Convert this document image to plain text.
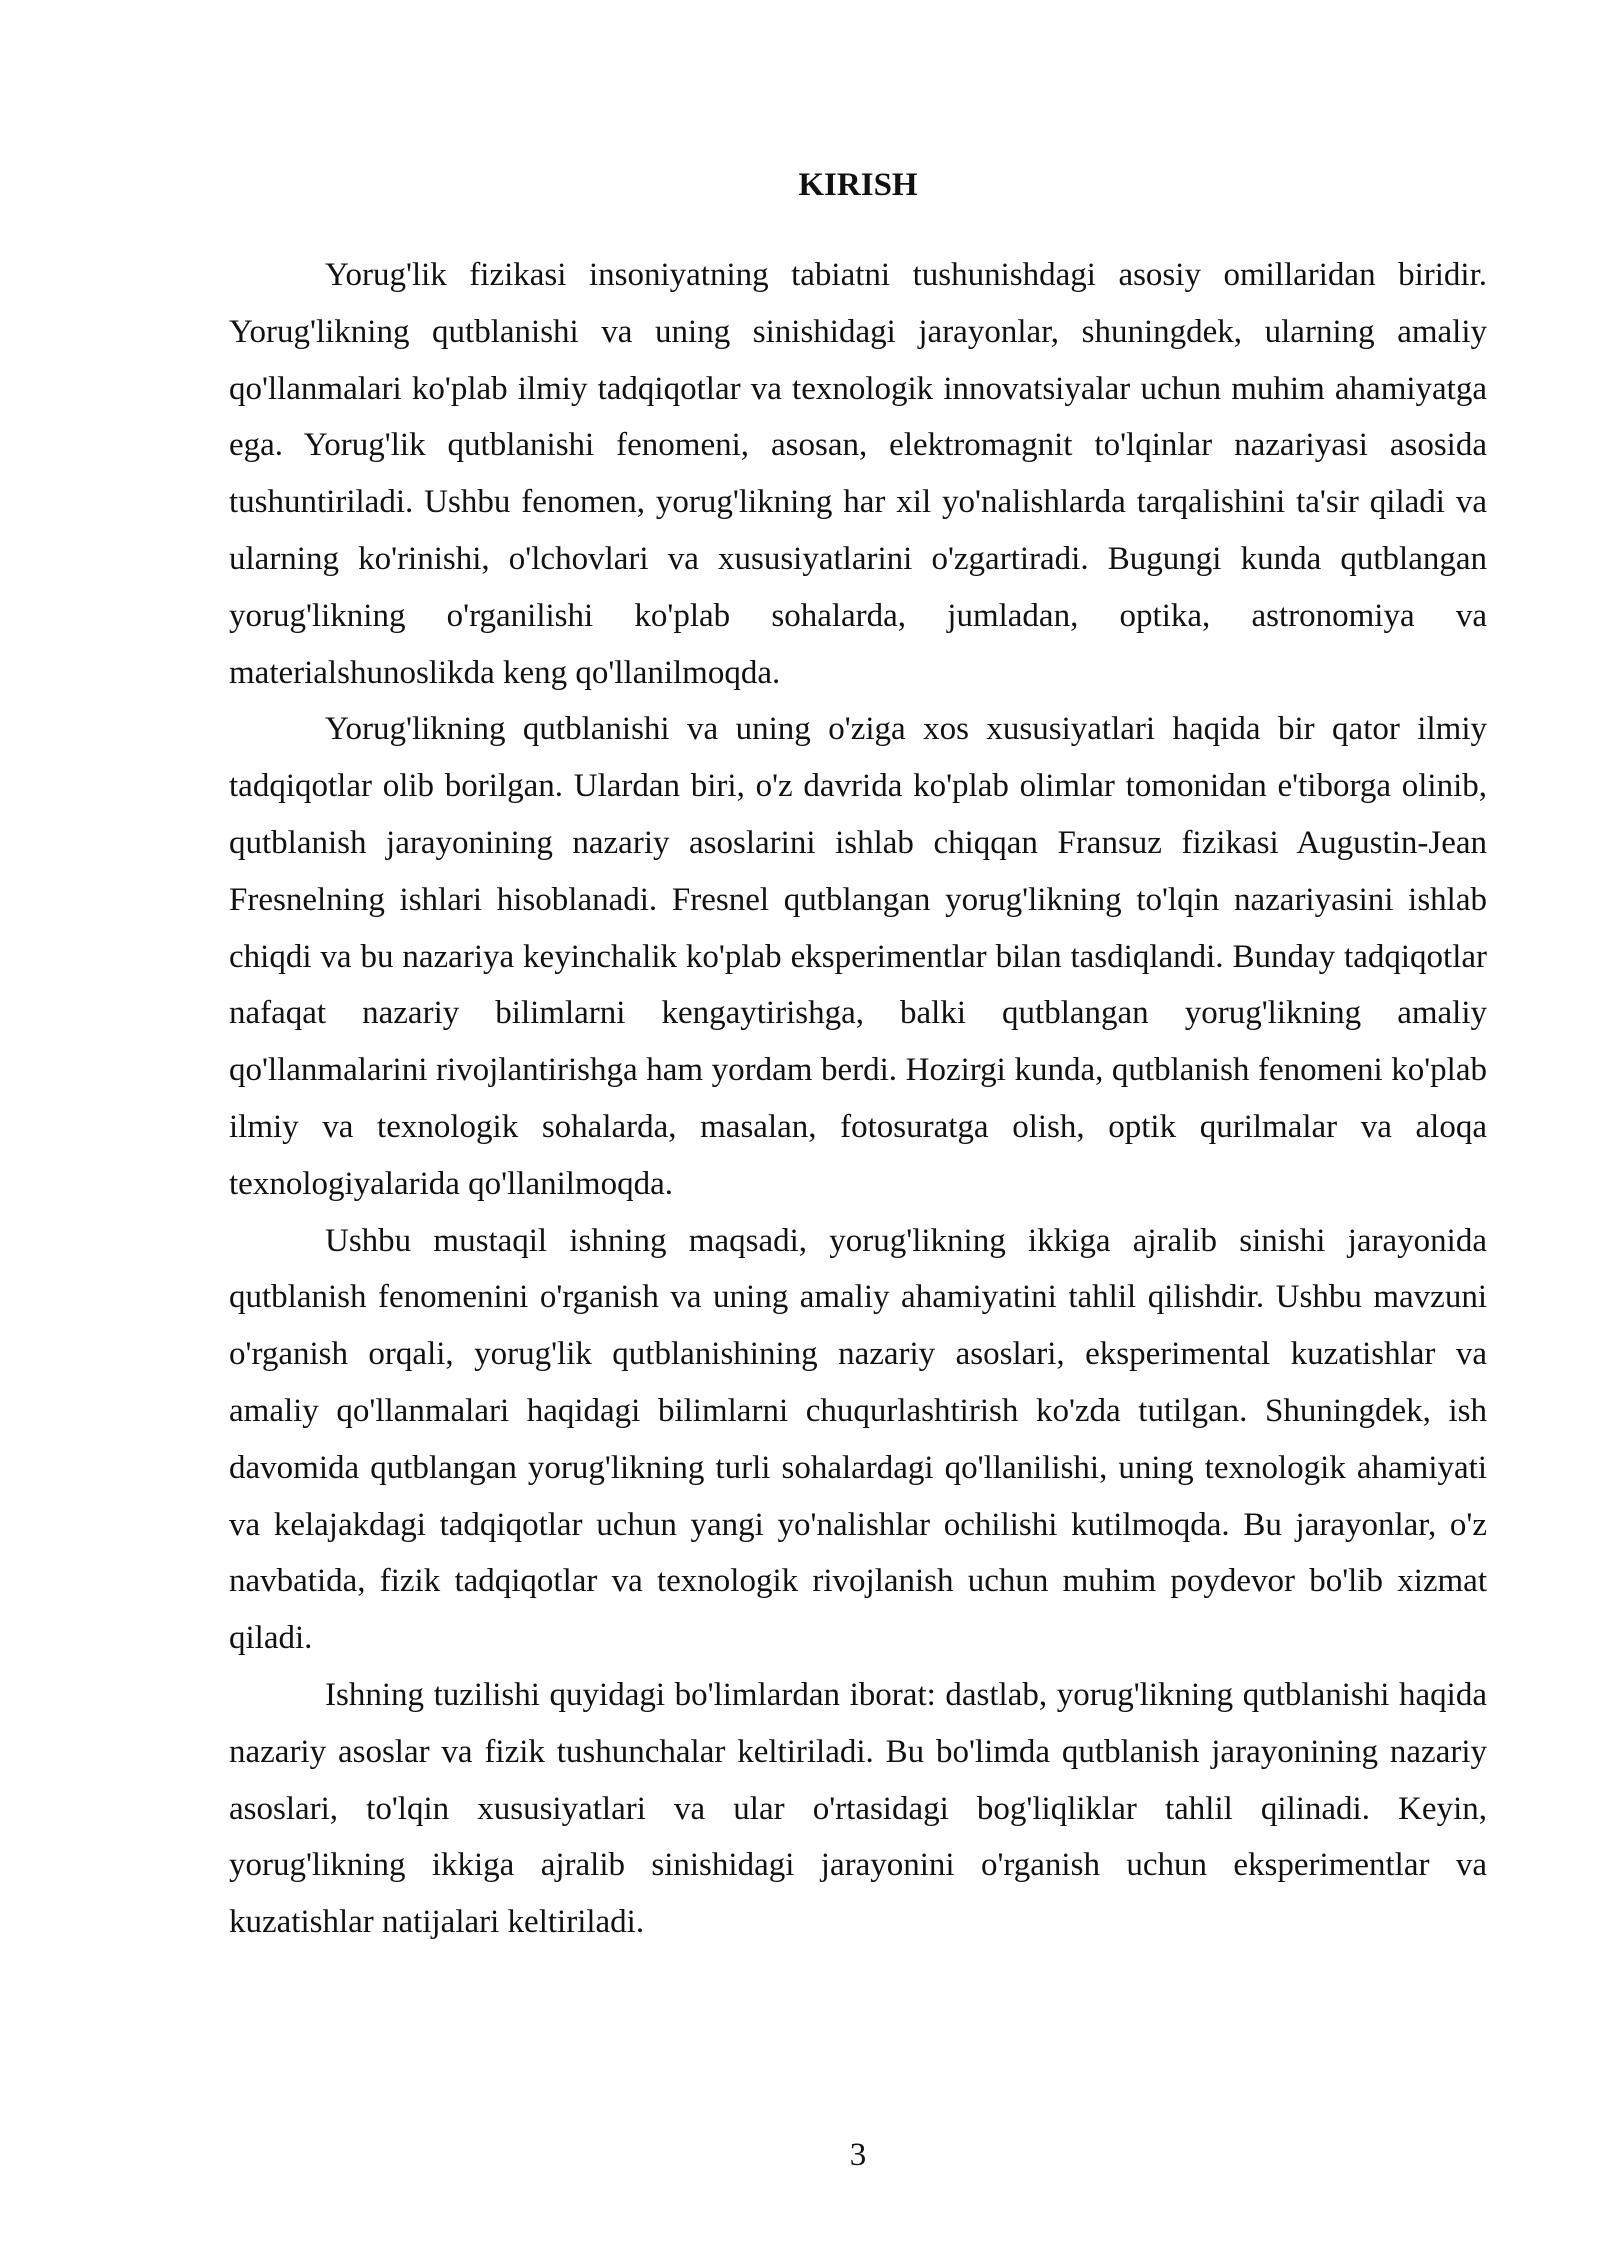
KIRISH

Yorug'lik fizikasi insoniyatning tabiatni tushunishdagi asosiy omillaridan biridir. Yorug'likning qutblanishi va uning sinishidagi jarayonlar, shuningdek, ularning amaliy qo'llanmalari ko'plab ilmiy tadqiqotlar va texnologik innovatsiyalar uchun muhim ahamiyatga ega. Yorug'lik qutblanishi fenomeni, asosan, elektromagnit to'lqinlar nazariyasi asosida tushuntiriladi. Ushbu fenomen, yorug'likning har xil yo'nalishlarda tarqalishini ta'sir qiladi va ularning ko'rinishi, o'lchovlari va xususiyatlarini o'zgartiradi. Bugungi kunda qutblangan yorug'likning o'rganilishi ko'plab sohalarda, jumladan, optika, astronomiya va materialshunoslikda keng qo'llanilmoqda.

Yorug'likning qutblanishi va uning o'ziga xos xususiyatlari haqida bir qator ilmiy tadqiqotlar olib borilgan. Ulardan biri, o'z davrida ko'plab olimlar tomonidan e'tiborga olinib, qutblanish jarayonining nazariy asoslarini ishlab chiqqan Fransuz fizikasi Augustin-Jean Fresnelning ishlari hisoblanadi. Fresnel qutblangan yorug'likning to'lqin nazariyasini ishlab chiqdi va bu nazariya keyinchalik ko'plab eksperimentlar bilan tasdiqlandi. Bunday tadqiqotlar nafaqat nazariy bilimlarni kengaytirishga, balki qutblangan yorug'likning amaliy qo'llanmalarini rivojlantirishga ham yordam berdi. Hozirgi kunda, qutblanish fenomeni ko'plab ilmiy va texnologik sohalarda, masalan, fotosuratga olish, optik qurilmalar va aloqa texnologiyalarida qo'llanilmoqda.

Ushbu mustaqil ishning maqsadi, yorug'likning ikkiga ajralib sinishi jarayonida qutblanish fenomenini o'rganish va uning amaliy ahamiyatini tahlil qilishdir. Ushbu mavzuni o'rganish orqali, yorug'lik qutblanishining nazariy asoslari, eksperimental kuzatishlar va amaliy qo'llanmalari haqidagi bilimlarni chuqurlashtirish ko'zda tutilgan. Shuningdek, ish davomida qutblangan yorug'likning turli sohalardagi qo'llanilishi, uning texnologik ahamiyati va kelajakdagi tadqiqotlar uchun yangi yo'nalishlar ochilishi kutilmoqda. Bu jarayonlar, o'z navbatida, fizik tadqiqotlar va texnologik rivojlanish uchun muhim poydevor bo'lib xizmat qiladi.

Ishning tuzilishi quyidagi bo'limlardan iborat: dastlab, yorug'likning qutblanishi haqida nazariy asoslar va fizik tushunchalar keltiriladi. Bu bo'limda qutblanish jarayonining nazariy asoslari, to'lqin xususiyatlari va ular o'rtasidagi bog'liqliklar tahlil qilinadi. Keyin, yorug'likning ikkiga ajralib sinishidagi jarayonini o'rganish uchun eksperimentlar va kuzatishlar natijalari keltiriladi.

3
